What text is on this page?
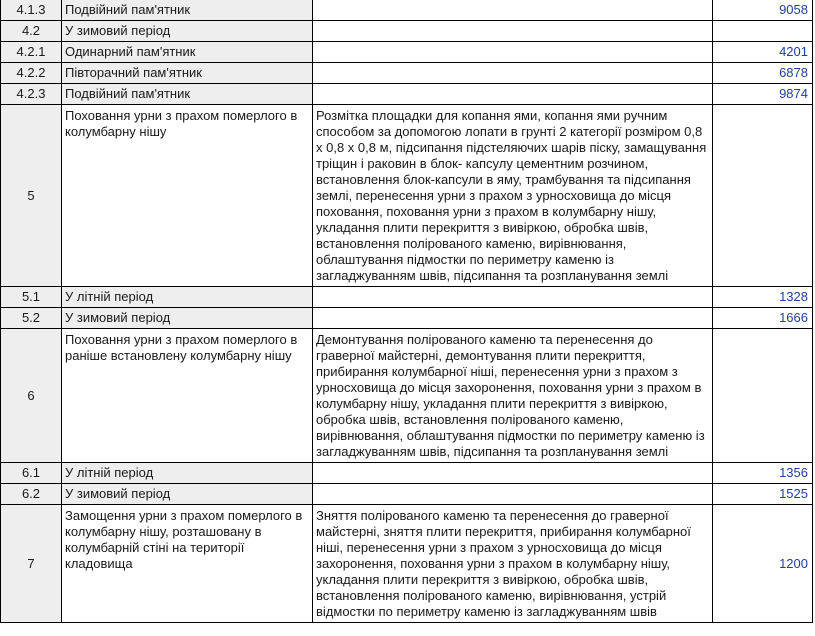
4.1.3	Подвійний пам'ятник		9058
4.2	У зимовий період		
4.2.1	Одинарний пам'ятник		4201
4.2.2	Півторачний пам'ятник		6878
4.2.3	Подвійний пам'ятник		9874
5	Поховання урни з прахом померлого в колумбарну нішу	Розмітка площадки для копання ями, копання ями ручним способом за допомогою лопати в грунті 2 категорії розміром 0,8 х 0,8 х 0,8 м, підсипання підстеляючих шарів піску, замащування тріщин і раковин в блок- капсулу цементним розчином, встановлення блок-капсули в яму, трамбування та підсипання землі, перенесення урни з прахом з урносховища до місця поховання, поховання урни з прахом в колумбарну нішу, укладання плити перекриття з вивіркою, обробка швів, встановлення полірованого каменю, вирівнювання, облаштування підмостки по периметру каменю із загладжуванням швів, підсипання та розпланування землі	
5.1	У літній період		1328
5.2	У зимовий період		1666
6	Поховання урни з прахом померлого в раніше встановлену колумбарну нішу	Демонтування полірованого каменю та перенесення до граверної майстерні, демонтування плити перекриття, прибирання колумбарної ніші, перенесення урни з прахом з урносховища до місця захоронення, поховання урни з прахом в колумбарну нішу, укладання плити перекриття з вивіркою, обробка швів, встановлення полірованого каменю, вирівнювання, облаштування підмостки по периметру каменю із загладжуванням швів, підсипання та розпланування землі	
6.1	У літній період		1356
6.2	У зимовий період		1525
7	Замощення урни з прахом померлого в колумбарну нішу, розташовану в колумбарній стіні на території кладовища	Зняття полірованого каменю та перенесення до граверної майстерні, зняття плити перекриття, прибирання колумбарної ніші, перенесення урни з прахом з урносховища до місця захоронення, поховання урни з прахом в колумбарну нішу, укладання плити перекриття з вивіркою, обробка швів, встановлення полірованого каменю, вирівнювання, устрій відмостки по периметру каменю із загладжуванням швів	1200
